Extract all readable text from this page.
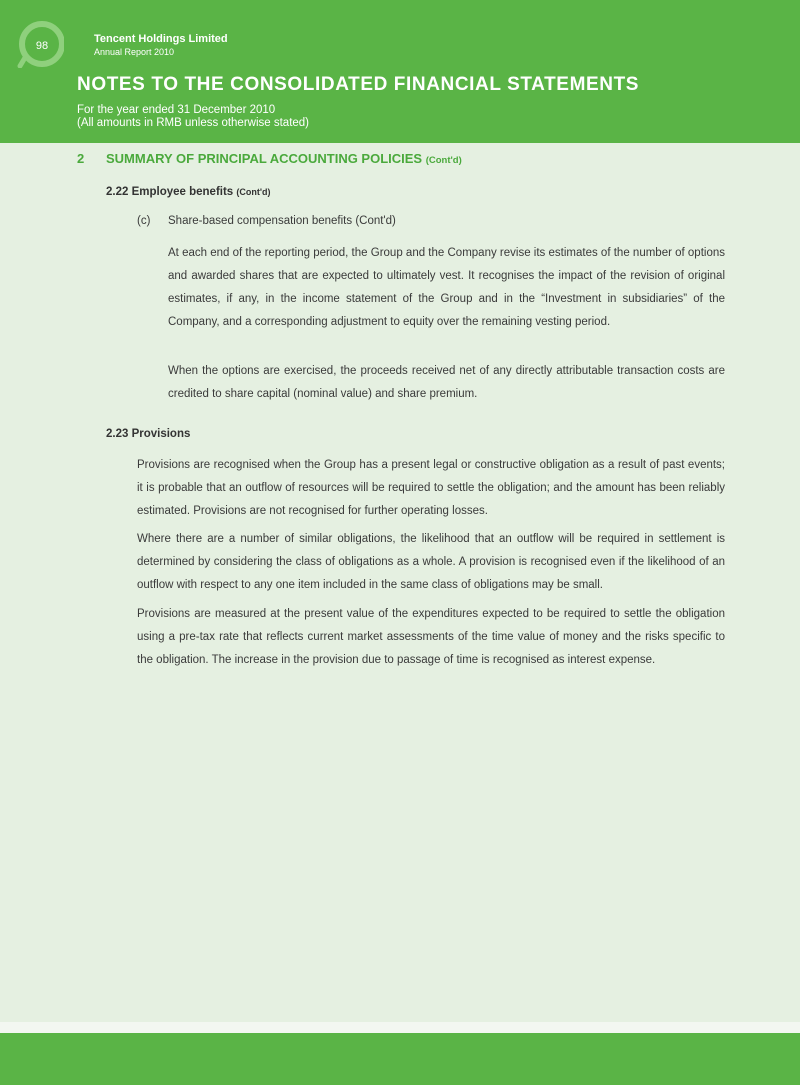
98
Tencent Holdings Limited
Annual Report 2010
NOTES TO THE CONSOLIDATED FINANCIAL STATEMENTS
For the year ended 31 December 2010
(All amounts in RMB unless otherwise stated)
2 SUMMARY OF PRINCIPAL ACCOUNTING POLICIES (Cont'd)
2.22 Employee benefits (Cont'd)
(c) Share-based compensation benefits (Cont'd)

At each end of the reporting period, the Group and the Company revise its estimates of the number of options and awarded shares that are expected to ultimately vest. It recognises the impact of the revision of original estimates, if any, in the income statement of the Group and in the “Investment in subsidiaries” of the Company, and a corresponding adjustment to equity over the remaining vesting period.

When the options are exercised, the proceeds received net of any directly attributable transaction costs are credited to share capital (nominal value) and share premium.

2.23 Provisions

Provisions are recognised when the Group has a present legal or constructive obligation as a result of past events; it is probable that an outflow of resources will be required to settle the obligation; and the amount has been reliably estimated. Provisions are not recognised for further operating losses.

Where there are a number of similar obligations, the likelihood that an outflow will be required in settlement is determined by considering the class of obligations as a whole. A provision is recognised even if the likelihood of an outflow with respect to any one item included in the same class of obligations may be small.

Provisions are measured at the present value of the expenditures expected to be required to settle the obligation using a pre-tax rate that reflects current market assessments of the time value of money and the risks specific to the obligation. The increase in the provision due to passage of time is recognised as interest expense.
